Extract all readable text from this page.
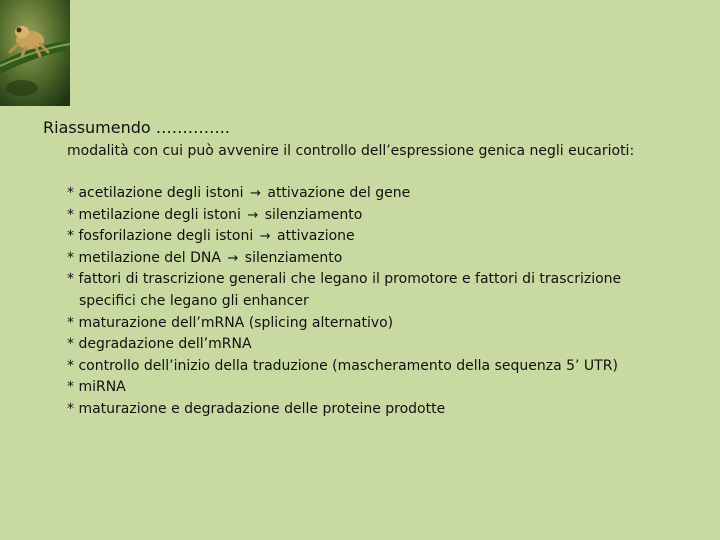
Riassumendo …………..
modalità con cui può avvenire il controllo dell’espressione genica negli eucarioti:
* acetilazione degli istoni → attivazione del gene
* metilazione degli istoni → silenziamento
* fosforilazione degli istoni → attivazione
* metilazione del DNA → silenziamento
* fattori di trascrizione generali che legano il promotore e fattori di trascrizione
specifici che legano gli enhancer
* maturazione dell’mRNA (splicing alternativo)
* degradazione dell’mRNA
* controllo dell’inizio della traduzione (mascheramento della sequenza 5’ UTR)
* miRNA
* maturazione e degradazione delle proteine prodotte
